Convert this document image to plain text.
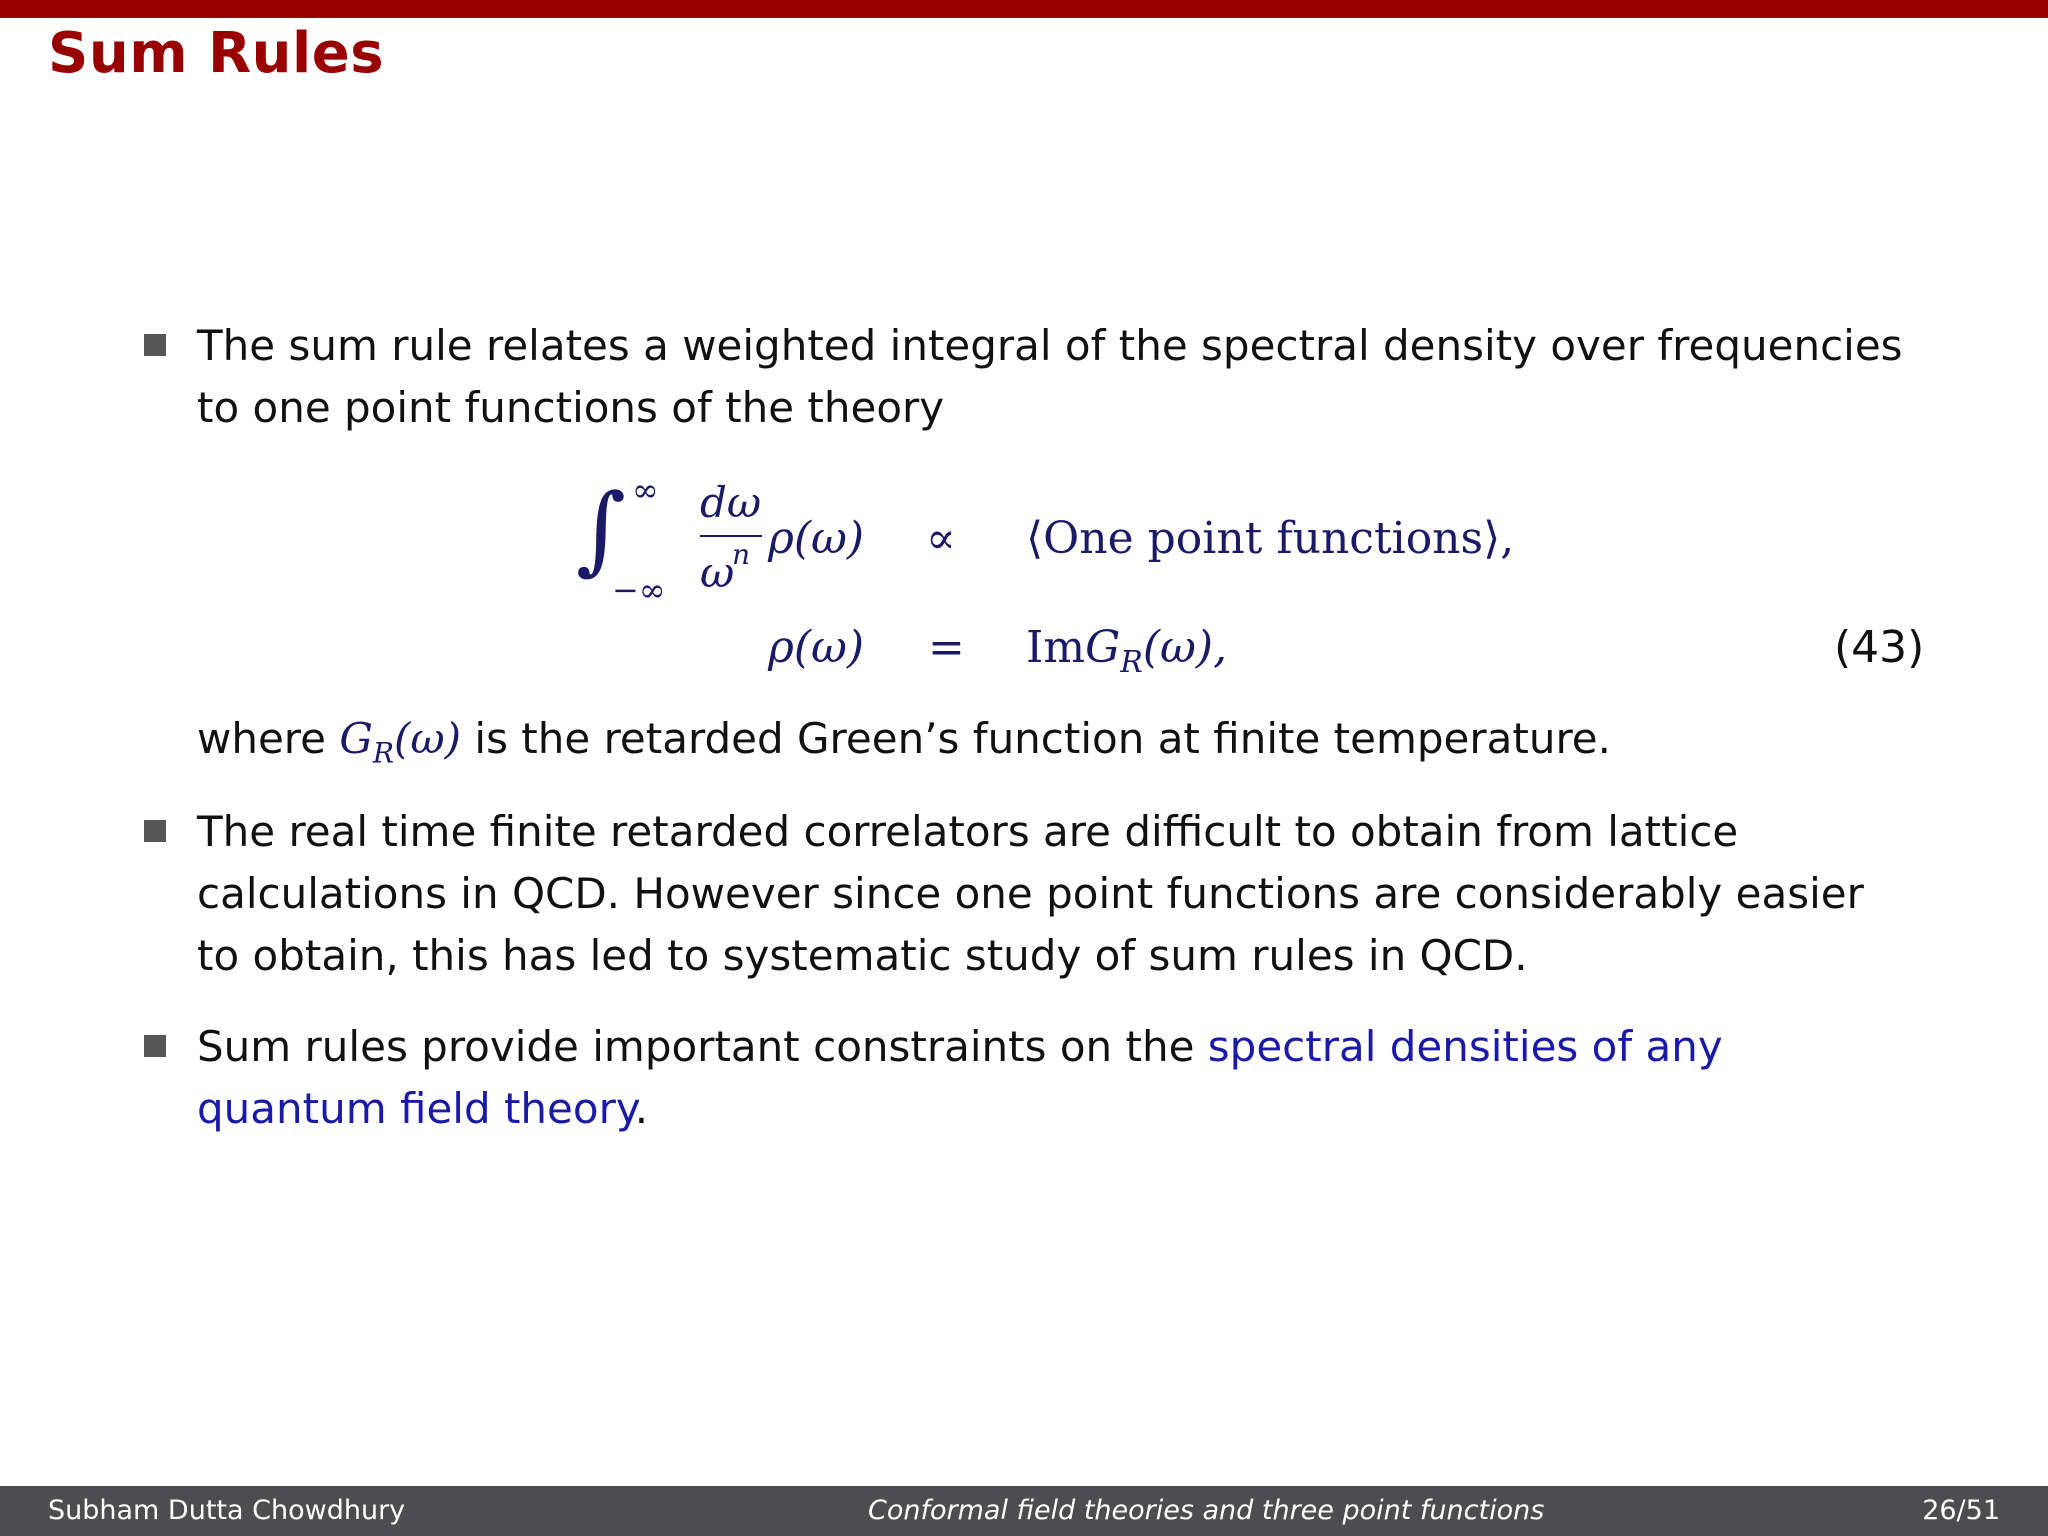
Sum Rules
The sum rule relates a weighted integral of the spectral density over frequencies
to one point functions of the theory
∫ ∞
−∞
dω
ω
n ρ(ω) ∝ ⟨One point functions⟩,
ρ(ω) = ImG$_R$(ω),	(43)
where $G_R(\omega)$ is the retarded Green’s function at finite temperature.
The real time finite retarded correlators are difficult to obtain from lattice
calculations in QCD. However since one point functions are considerably easier
to obtain, this has led to systematic study of sum rules in QCD.
Sum rules provide important constraints on the spectral densities of any
quantum field theory.
Subham Dutta Chowdhury	Conformal field theories and three point functions	26/51
